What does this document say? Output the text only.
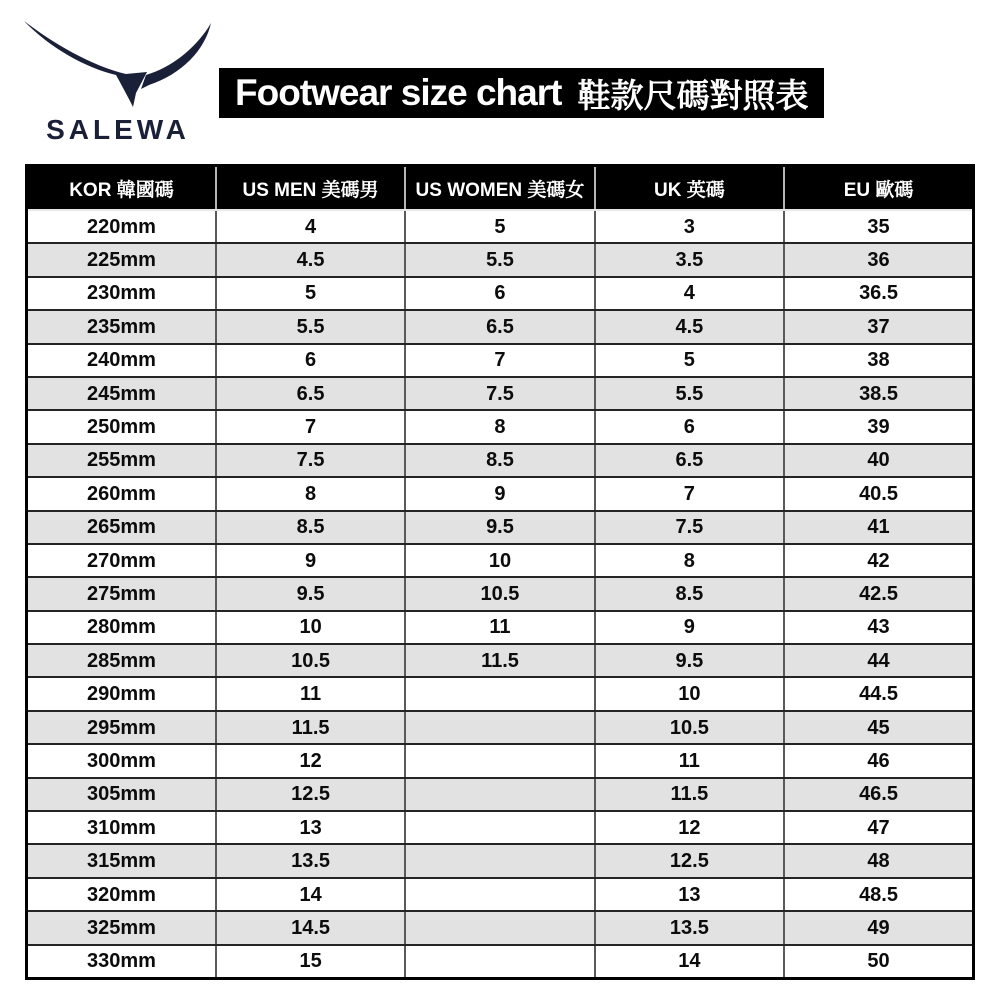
SALEWA
Footwear size chart 鞋款尺碼對照表
KOR 韓國碼	US MEN 美碼男	US WOMEN 美碼女	UK 英碼	EU 歐碼
220mm	4	5	3	35
225mm	4.5	5.5	3.5	36
230mm	5	6	4	36.5
235mm	5.5	6.5	4.5	37
240mm	6	7	5	38
245mm	6.5	7.5	5.5	38.5
250mm	7	8	6	39
255mm	7.5	8.5	6.5	40
260mm	8	9	7	40.5
265mm	8.5	9.5	7.5	41
270mm	9	10	8	42
275mm	9.5	10.5	8.5	42.5
280mm	10	11	9	43
285mm	10.5	11.5	9.5	44
290mm	11		10	44.5
295mm	11.5		10.5	45
300mm	12		11	46
305mm	12.5		11.5	46.5
310mm	13		12	47
315mm	13.5		12.5	48
320mm	14		13	48.5
325mm	14.5		13.5	49
330mm	15		14	50
